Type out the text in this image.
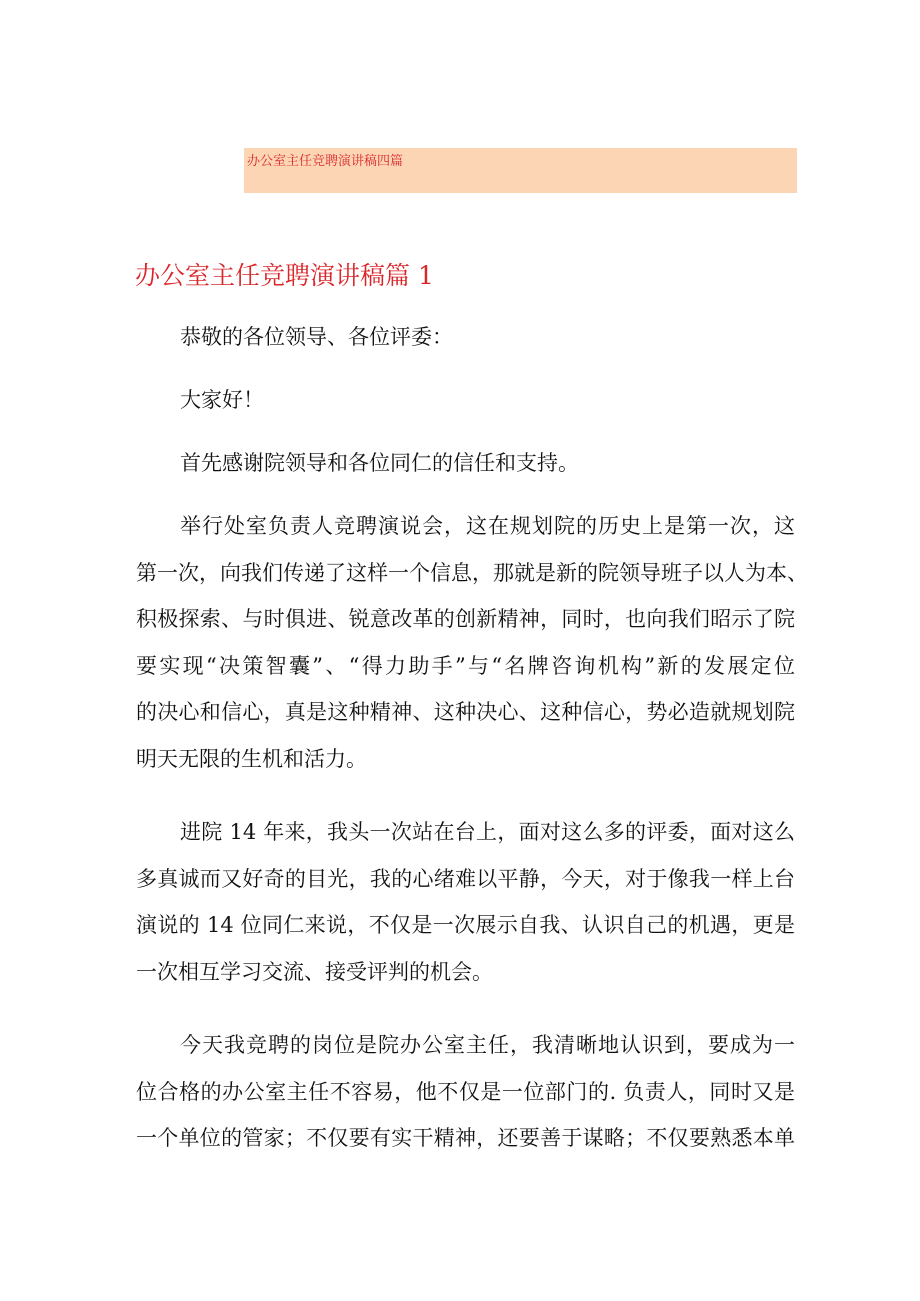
办公室主任竞聘演讲稿四篇
办公室主任竞聘演讲稿篇 1
恭敬的各位领导、各位评委：
大家好！
首先感谢院领导和各位同仁的信任和支持。
举行处室负责人竞聘演说会，这在规划院的历史上是第一次，这
第一次，向我们传递了这样一个信息，那就是新的院领导班子以人为本、
积极探索、与时俱进、锐意改革的创新精神，同时，也向我们昭示了院
要实现“决策智囊”、“得力助手”与“名牌咨询机构”新的发展定位
的决心和信心，真是这种精神、这种决心、这种信心，势必造就规划院
明天无限的生机和活力。
进院 14 年来，我头一次站在台上，面对这么多的评委，面对这么
多真诚而又好奇的目光，我的心绪难以平静，今天，对于像我一样上台
演说的 14 位同仁来说，不仅是一次展示自我、认识自己的机遇，更是
一次相互学习交流、接受评判的机会。
今天我竞聘的岗位是院办公室主任，我清晰地认识到，要成为一
位合格的办公室主任不容易，他不仅是一位部门的. 负责人，同时又是
一个单位的管家；不仅要有实干精神，还要善于谋略；不仅要熟悉本单
